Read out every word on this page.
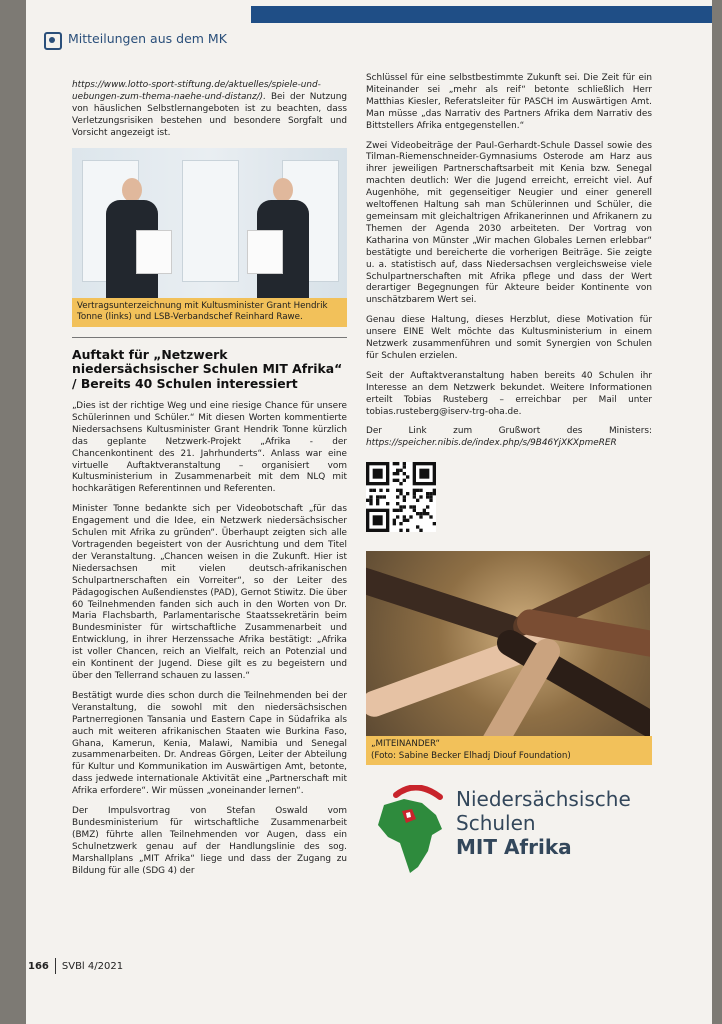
Mitteilungen aus dem MK

https://www.lotto-sport-stiftung.de/aktuelles/spiele-und-uebungen-zum-thema-naehe-und-distanz/). Bei der Nutzung von häuslichen Selbstlernangeboten ist zu beachten, dass Verletzungsrisiken bestehen und besondere Sorgfalt und Vorsicht angezeigt ist.

Vertragsunterzeichnung mit Kultusminister Grant Hendrik Tonne (links) und LSB-Verbandschef Reinhard Rawe.
Auftakt für „Netzwerk niedersächsischer Schulen MIT Afrika“ / Bereits 40 Schulen interessiert

„Dies ist der richtige Weg und eine riesige Chance für unsere Schülerinnen und Schüler.“ Mit diesen Worten kommentierte Niedersachsens Kultusminister Grant Hendrik Tonne kürzlich das geplante Netzwerk-Projekt „Afrika - der Chancenkontinent des 21. Jahrhunderts“. Anlass war eine virtuelle Auftaktveranstaltung – organisiert vom Kultusministerium in Zusammenarbeit mit dem NLQ mit hochkarätigen Referentinnen und Referenten.

Minister Tonne bedankte sich per Videobotschaft „für das Engagement und die Idee, ein Netzwerk niedersächsischer Schulen mit Afrika zu gründen“. Überhaupt zeigten sich alle Vortragenden begeistert von der Ausrichtung und dem Titel der Veranstaltung. „Chancen weisen in die Zukunft. Hier ist Niedersachsen mit vielen deutsch-afrikanischen Schulpartnerschaften ein Vorreiter“, so der Leiter des Pädagogischen Außendienstes (PAD), Gernot Stiwitz. Die über 60 Teilnehmenden fanden sich auch in den Worten von Dr. Maria Flachsbarth, Parlamentarische Staatssekretärin beim Bundesminister für wirtschaftliche Zusammenarbeit und Entwicklung, in ihrer Herzenssache Afrika bestätigt: „Afrika ist voller Chancen, reich an Vielfalt, reich an Potenzial und ein Kontinent der Jugend. Diese gilt es zu begeistern und über den Tellerrand schauen zu lassen.“

Bestätigt wurde dies schon durch die Teilnehmenden bei der Veranstaltung, die sowohl mit den niedersächsischen Partnerregionen Tansania und Eastern Cape in Südafrika als auch mit weiteren afrikanischen Staaten wie Burkina Faso, Ghana, Kamerun, Kenia, Malawi, Namibia und Senegal zusammenarbeiten. Dr. Andreas Görgen, Leiter der Abteilung für Kultur und Kommunikation im Auswärtigen Amt, betonte, dass jedwede internationale Aktivität eine „Partnerschaft mit Afrika erfordere“. Wir müssen „voneinander lernen“.

Der Impulsvortrag von Stefan Oswald vom Bundesministerium für wirtschaftliche Zusammenarbeit (BMZ) führte allen Teilnehmenden vor Augen, dass ein Schulnetzwerk genau auf der Handlungslinie des sog. Marshallplans „MIT Afrika“ liege und dass der Zugang zu Bildung für alle (SDG 4) der

Schlüssel für eine selbstbestimmte Zukunft sei. Die Zeit für ein Miteinander sei „mehr als reif“ betonte schließlich Herr Matthias Kiesler, Referatsleiter für PASCH im Auswärtigen Amt. Man müsse „das Narrativ des Partners Afrika dem Narrativ des Bittstellers Afrika entgegenstellen.“

Zwei Videobeiträge der Paul-Gerhardt-Schule Dassel sowie des Tilman-Riemenschneider-Gymnasiums Osterode am Harz aus ihrer jeweiligen Partnerschaftsarbeit mit Kenia bzw. Senegal machten deutlich: Wer die Jugend erreicht, erreicht viel. Auf Augenhöhe, mit gegenseitiger Neugier und einer generell weltoffenen Haltung sah man Schülerinnen und Schüler, die gemeinsam mit gleichaltrigen Afrikanerinnen und Afrikanern zu Themen der Agenda 2030 arbeiteten. Der Vortrag von Katharina von Münster „Wir machen Globales Lernen erlebbar“ bestätigte und bereicherte die vorherigen Beiträge. Sie zeigte u. a. statistisch auf, dass Niedersachsen vergleichsweise viele Schulpartnerschaften mit Afrika pflege und dass der Wert derartiger Begegnungen für Akteure beider Kontinente von unschätzbarem Wert sei.

Genau diese Haltung, dieses Herzblut, diese Motivation für unsere EINE Welt möchte das Kultusministerium in einem Netzwerk zusammenführen und somit Synergien von Schulen für Schulen erzielen.

Seit der Auftaktveranstaltung haben bereits 40 Schulen ihr Interesse an dem Netzwerk bekundet. Weitere Informationen erteilt Tobias Rusteberg – erreichbar per Mail unter tobias.rusteberg@iserv-trg-oha.de.

Der Link zum Grußwort des Ministers: https://speicher.nibis.de/index.php/s/9B46YjXKXpmeRER

„MITEINANDER“
(Foto: Sabine Becker Elhadj Diouf Foundation)
Niedersächsische
Schulen
MIT Afrika
166 SVBl 4/2021
